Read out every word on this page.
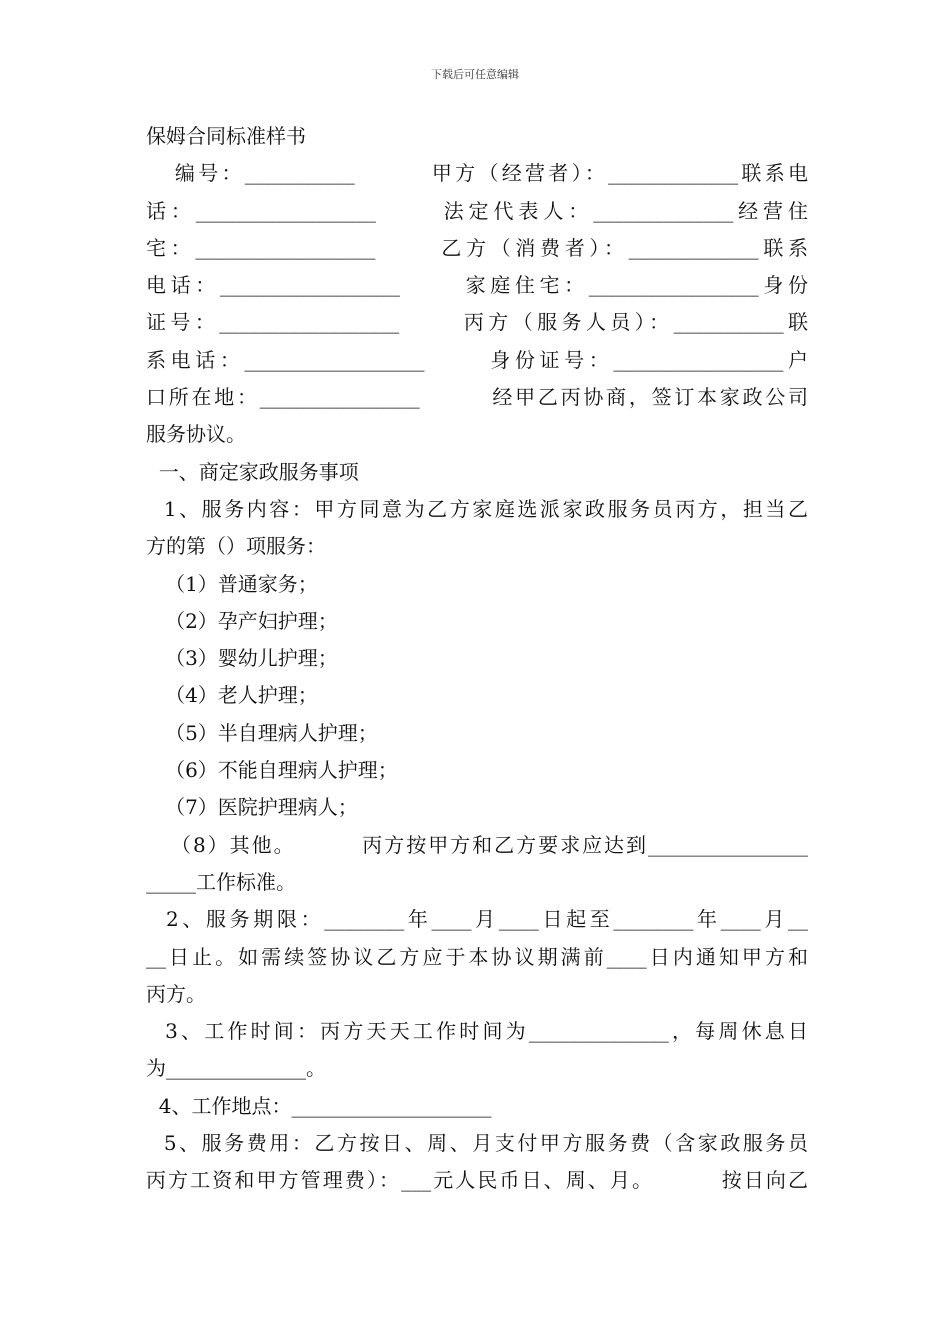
下载后可任意编辑
保姆合同标准样书
编号：___________        甲方（经营者）：_____________联系电
话：__________________      法定代表人：______________经营住
宅：__________________      乙方（消费者）：_____________联系
电话：__________________      家庭住宅：_________________身份
证号：__________________      丙方（服务人员）：___________联
系电话：__________________      身份证号：_________________户
口所在地：________________        经甲乙丙协商，签订本家政公司
服务协议。
一、商定家政服务事项
1、服务内容：甲方同意为乙方家庭选派家政服务员丙方，担当乙
方的第（）项服务：
（1）普通家务；
（2）孕产妇护理；
（3）婴幼儿护理；
（4）老人护理；
（5）半自理病人护理；
（6）不能自理病人护理；
（7）医院护理病人；
（8）其他。        丙方按甲方和乙方要求应达到________________
_____工作标准。
2、服务期限：________年____月____日起至________年____月__
__日止。如需续签协议乙方应于本协议期满前____日内通知甲方和
丙方。
3、工作时间：丙方天天工作时间为______________，每周休息日
为______________。
4、工作地点：____________________
5、服务费用：乙方按日、周、月支付甲方服务费（含家政服务员
丙方工资和甲方管理费）：___元人民币日、周、月。        按日向乙
